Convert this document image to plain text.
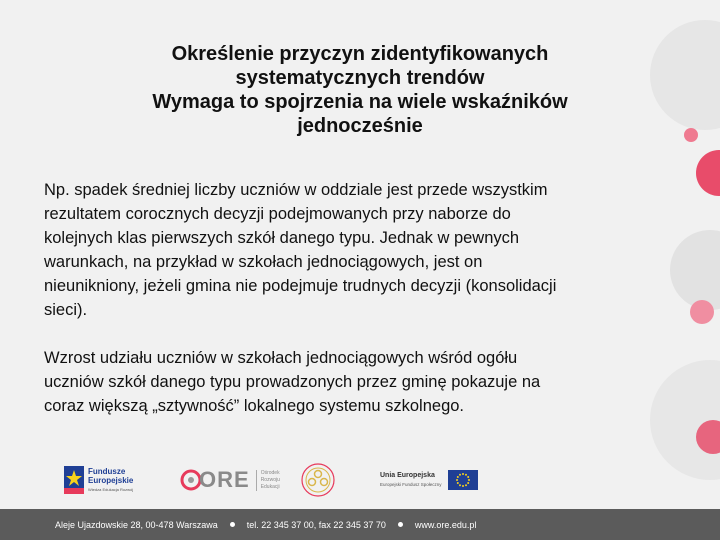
Określenie przyczyn zidentyfikowanych
systematycznych trendów
Wymaga to spojrzenia na wiele wskaźników
jednocześnie
Np. spadek średniej liczby uczniów w oddziale jest przede wszystkim
rezultatem corocznych decyzji podejmowanych przy naborze do
kolejnych klas pierwszych szkół danego typu. Jednak w pewnych
warunkach, na przykład w szkołach jednociągowych, jest on
nieunikniony, jeżeli gmina nie podejmuje trudnych decyzji (konsolidacji
sieci).
Wzrost udziału uczniów w szkołach jednociągowych wśród ogółu
uczniów szkół danego typu prowadzonych przez gminę pokazuje na
coraz większą „sztywność” lokalnego systemu szkolnego.
Fundusze
Europejskie
Wiedza Edukacja Rozwój	ORE Ośrodek
Rozwoju
Edukacji
Unia Europejska
Europejski Fundusz Społeczny
Aleje Ujazdowskie 28, 00-478 Warszawa	tel. 22 345 37 00, fax 22 345 37 70	www.ore.edu.pl
